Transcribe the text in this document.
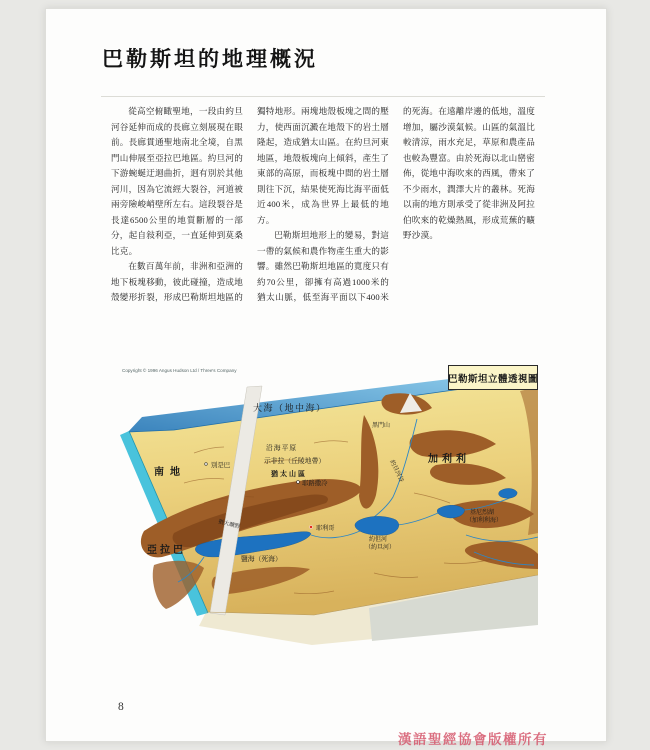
巴勒斯坦的地理概況

從高空俯瞰聖地，一段由約旦河谷延伸而成的長廊立刻展現在眼前。長廊貫通聖地南北全境，自黑門山伸展至亞拉巴地區。約旦河的下游蜿蜒迂迴曲折，迥有別於其他河川，因為它流經大裂谷，河道被兩旁險峻峭壁所左右。這段裂谷是長達6500公里的地質斷層的一部分，起自敍利亞，一直延伸到莫桑比克。

在數百萬年前，非洲和亞洲的地下板塊移動，彼此碰撞，造成地殼變形折裂，形成巴勒斯坦地區的獨特地形。兩塊地殼板塊之間的壓力，使西面沉澱在地殼下的岩土層隆起，造成猶太山區。在約旦河東地區，地殼板塊向上傾斜，產生了東部的高原，而板塊中間的岩土層則往下沉，結果使死海比海平面低近400米，成為世界上最低的地方。

巴勒斯坦地形上的變易，對這一帶的氣候和農作物產生重大的影響。雖然巴勒斯坦地區的寬度只有約70公里，卻擁有高過1000米的猶太山脈，低至海平面以下400米的死海。在遠離岸邊的低地，溫度增加，屬沙漠氣候。山區的氣溫比較清涼，雨水充足，草原和農產品也較為豐富。由於死海以北山巒密佈，從地中海吹來的西風，帶來了不少雨水，潤澤大片的叢林。死海以南的地方則承受了從非洲及阿拉伯吹來的乾燥熱風，形成荒蕪的曠野沙漠。

Copyright © 1996 Angus Hudson Ltd / Three's Company
巴勒斯坦立體透視圖
大海（地中海）
黑門山
沿海平原
示非拉（丘陵地帶）
猶太山區
耶路撒冷
南地
別是巴
加利利
約旦河谷
猶大曠野	耶利哥
鹽海（死海）
亞拉巴
基尼烈湖
（加利利海）
約但河
（約旦河）
8
漢語聖經協會版權所有
